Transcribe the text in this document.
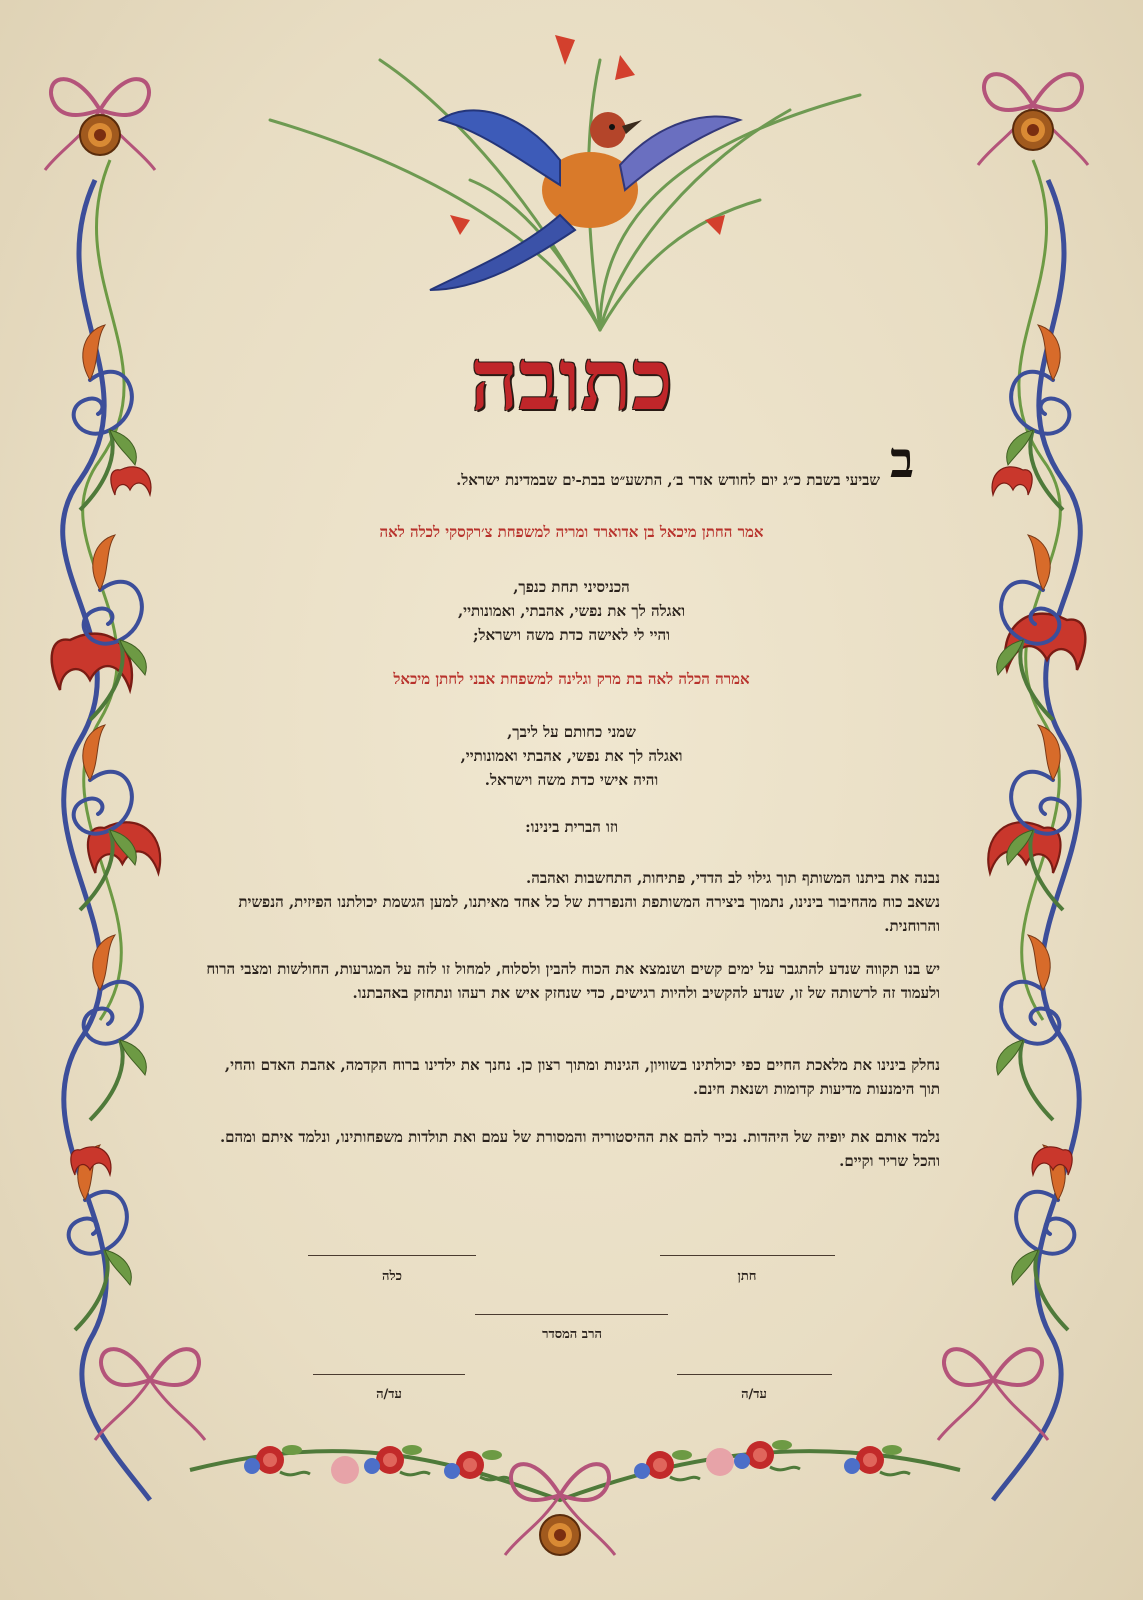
כתובה
ב
שביעי בשבת כ״ג יום לחודש אדר ב׳, התשע״ט בבת-ים שבמדינת ישראל.
אמר החתן מיכאל בן אדוארד ומריה למשפחת צ׳רקסקי לכלה לאה
הכניסיני תחת כנפך,
ואגלה לך את נפשי, אהבתי, ואמונותיי,
והיי לי לאישה כדת משה וישראל;
אמרה הכלה לאה בת מרק וגלינה למשפחת אבני לחתן מיכאל
שמני כחותם על ליבך,
ואגלה לך את נפשי, אהבתי ואמונותיי,
והיה אישי כדת משה וישראל.
וזו הברית בינינו:
נבנה את ביתנו המשותף תוך גילוי לב הדדי, פתיחות, התחשבות ואהבה.
נשאב כוח מהחיבור בינינו, נתמוך ביצירה המשותפת והנפרדת של כל אחד מאיתנו, למען הגשמת יכולתנו הפיזית, הנפשית והרוחנית.
יש בנו תקווה שנדע להתגבר על ימים קשים ושנמצא את הכוח להבין ולסלוח, למחול זו לזה על המגרעות, החולשות ומצבי הרוח ולעמוד זה לרשותה של זו, שנדע להקשיב ולהיות רגישים, כדי שנחזק איש את רעהו ונתחזק באהבתנו.
נחלק בינינו את מלאכת החיים כפי יכולתינו בשוויון, הגינות ומתוך רצון כן. נחנך את ילדינו ברוח הקדמה, אהבת האדם והחי, תוך הימנעות מדיעות קדומות ושנאת חינם.
נלמד אותם את יופיה של היהדות. נכיר להם את ההיסטוריה והמסורת של עמם ואת תולדות משפחותינו, ונלמד איתם ומהם.
והכל שריר וקיים.
חתן
כלה
הרב המסדר
עד/ה
עד/ה
